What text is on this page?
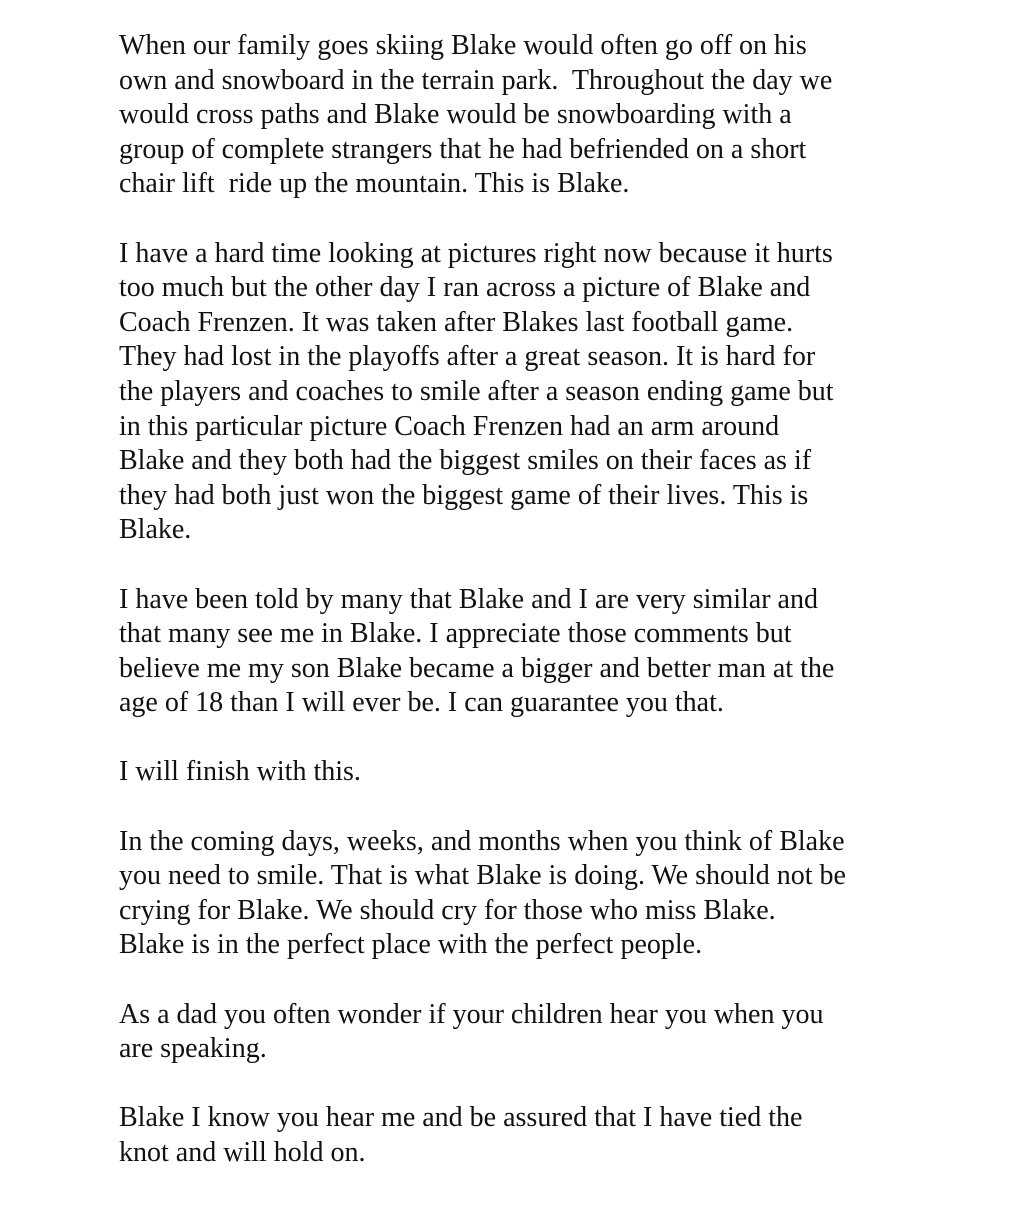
When our family goes skiing Blake would often go off on his
own and snowboard in the terrain park.  Throughout the day we
would cross paths and Blake would be snowboarding with a
group of complete strangers that he had befriended on a short
chair lift  ride up the mountain. This is Blake.
I have a hard time looking at pictures right now because it hurts
too much but the other day I ran across a picture of Blake and
Coach Frenzen. It was taken after Blakes last football game.
They had lost in the playoffs after a great season. It is hard for
the players and coaches to smile after a season ending game but
in this particular picture Coach Frenzen had an arm around
Blake and they both had the biggest smiles on their faces as if
they had both just won the biggest game of their lives. This is
Blake.
I have been told by many that Blake and I are very similar and
that many see me in Blake. I appreciate those comments but
believe me my son Blake became a bigger and better man at the
age of 18 than I will ever be. I can guarantee you that.
I will finish with this.
In the coming days, weeks, and months when you think of Blake
you need to smile. That is what Blake is doing. We should not be
crying for Blake. We should cry for those who miss Blake.
Blake is in the perfect place with the perfect people.
As a dad you often wonder if your children hear you when you
are speaking.
Blake I know you hear me and be assured that I have tied the
knot and will hold on.
